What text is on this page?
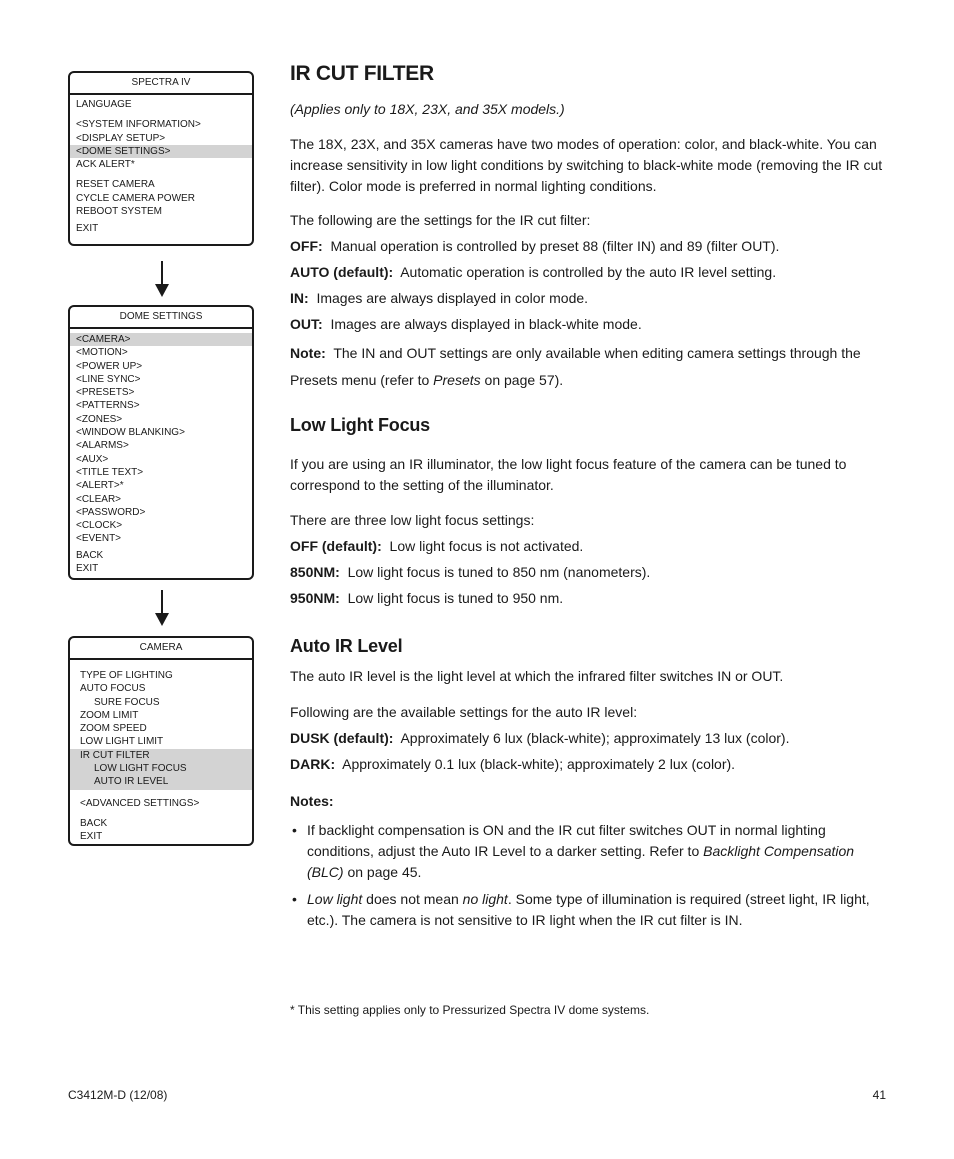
SPECTRA IV
LANGUAGE
<SYSTEM INFORMATION>
<DISPLAY SETUP>
<DOME SETTINGS>
ACK ALERT*
RESET CAMERA
CYCLE CAMERA POWER
REBOOT SYSTEM
EXIT
DOME SETTINGS
<CAMERA>
<MOTION>
<POWER UP>
<LINE SYNC>
<PRESETS>
<PATTERNS>
<ZONES>
<WINDOW BLANKING>
<ALARMS>
<AUX>
<TITLE TEXT>
<ALERT>*
<CLEAR>
<PASSWORD>
<CLOCK>
<EVENT>
BACK
EXIT
CAMERA
TYPE OF LIGHTING
AUTO FOCUS
SURE FOCUS
ZOOM LIMIT
ZOOM SPEED
LOW LIGHT LIMIT
IR CUT FILTER
LOW LIGHT FOCUS
AUTO IR LEVEL
<ADVANCED SETTINGS>
BACK
EXIT
IR CUT FILTER

(Applies only to 18X, 23X, and 35X models.)

The 18X, 23X, and 35X cameras have two modes of operation: color, and black-white. You can increase sensitivity in low light conditions by switching to black-white mode (removing the IR cut filter). Color mode is preferred in normal lighting conditions.

The following are the settings for the IR cut filter:

OFF: Manual operation is controlled by preset 88 (filter IN) and 89 (filter OUT).

AUTO (default): Automatic operation is controlled by the auto IR level setting.

IN: Images are always displayed in color mode.

OUT: Images are always displayed in black-white mode.

Note: The IN and OUT settings are only available when editing camera settings through the Presets menu (refer to Presets on page 57).

Low Light Focus

If you are using an IR illuminator, the low light focus feature of the camera can be tuned to correspond to the setting of the illuminator.

There are three low light focus settings:

OFF (default): Low light focus is not activated.

850NM: Low light focus is tuned to 850 nm (nanometers).

950NM: Low light focus is tuned to 950 nm.

Auto IR Level

The auto IR level is the light level at which the infrared filter switches IN or OUT.

Following are the available settings for the auto IR level:

DUSK (default): Approximately 6 lux (black-white); approximately 13 lux (color).

DARK: Approximately 0.1 lux (black-white); approximately 2 lux (color).

Notes:

• If backlight compensation is ON and the IR cut filter switches OUT in normal lighting conditions, adjust the Auto IR Level to a darker setting. Refer to Backlight Compensation (BLC) on page 45.
• Low light does not mean no light. Some type of illumination is required (street light, IR light, etc.). The camera is not sensitive to IR light when the IR cut filter is IN.
* This setting applies only to Pressurized Spectra IV dome systems.
C3412M-D (12/08)	41
